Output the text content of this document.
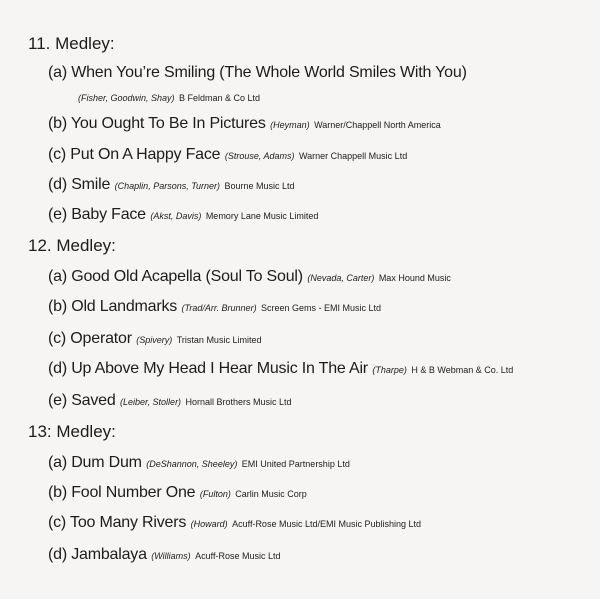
11. Medley:
(a) When You’re Smiling (The Whole World Smiles With You)
(Fisher, Goodwin, Shay) B Feldman & Co Ltd
(b) You Ought To Be In Pictures (Heyman) Warner/Chappell North America
(c) Put On A Happy Face (Strouse, Adams) Warner Chappell Music Ltd
(d) Smile (Chaplin, Parsons, Turner) Bourne Music Ltd
(e) Baby Face (Akst, Davis) Memory Lane Music Limited
12. Medley:
(a) Good Old Acapella (Soul To Soul) (Nevada, Carter) Max Hound Music
(b) Old Landmarks (Trad/Arr. Brunner) Screen Gems - EMI Music Ltd
(c) Operator (Spivery) Tristan Music Limited
(d) Up Above My Head I Hear Music In The Air (Tharpe) H & B Webman & Co. Ltd
(e) Saved (Leiber, Stoller) Hornall Brothers Music Ltd
13: Medley:
(a) Dum Dum (DeShannon, Sheeley) EMI United Partnership Ltd
(b) Fool Number One (Fulton) Carlin Music Corp
(c) Too Many Rivers (Howard) Acuff-Rose Music Ltd/EMI Music Publishing Ltd
(d) Jambalaya (Williams) Acuff-Rose Music Ltd
